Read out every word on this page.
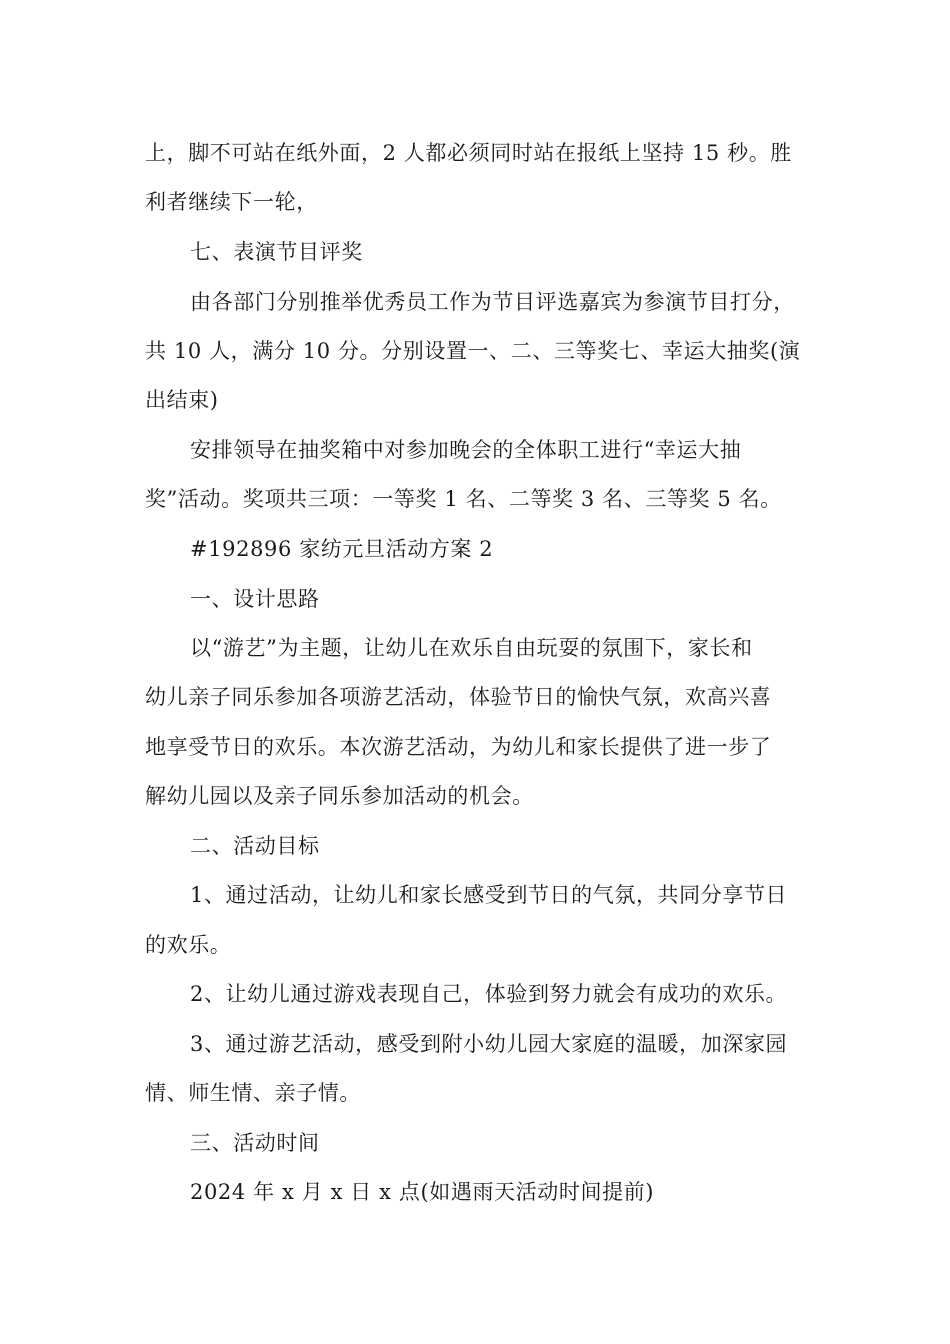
上，脚不可站在纸外面，2 人都必须同时站在报纸上坚持 15 秒。胜
利者继续下一轮，
七、表演节目评奖
由各部门分别推举优秀员工作为节目评选嘉宾为参演节目打分，
共 10 人，满分 10 分。分别设置一、二、三等奖七、幸运大抽奖(演
出结束)
安排领导在抽奖箱中对参加晚会的全体职工进行“幸运大抽
奖”活动。奖项共三项：一等奖 1 名、二等奖 3 名、三等奖 5 名。
#192896 家纺元旦活动方案 2
一、设计思路
以“游艺”为主题，让幼儿在欢乐自由玩耍的氛围下，家长和
幼儿亲子同乐参加各项游艺活动，体验节日的愉快气氛，欢高兴喜
地享受节日的欢乐。本次游艺活动，为幼儿和家长提供了进一步了
解幼儿园以及亲子同乐参加活动的机会。
二、活动目标
1、通过活动，让幼儿和家长感受到节日的气氛，共同分享节日
的欢乐。
2、让幼儿通过游戏表现自己，体验到努力就会有成功的欢乐。
3、通过游艺活动，感受到附小幼儿园大家庭的温暖，加深家园
情、师生情、亲子情。
三、活动时间
2024 年 x 月 x 日 x 点(如遇雨天活动时间提前)
